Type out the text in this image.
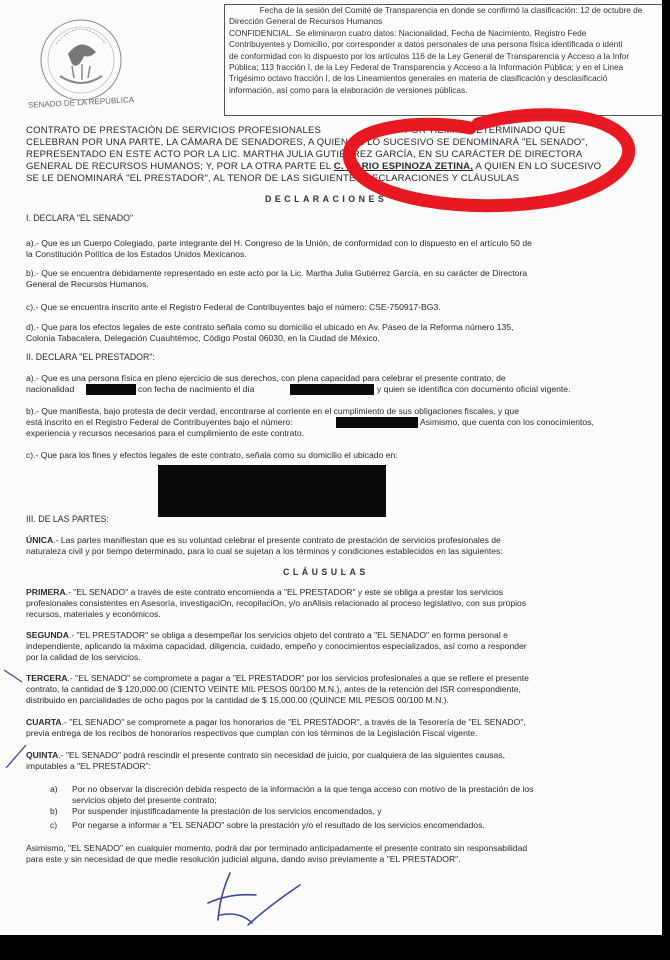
SENADO DE LA REPÚBLICA

Fecha de la sesión del Comité de Transparencia en donde se confirmó la clasificación: 12 de octubre de

Dirección General de Recursos Humanos

CONFIDENCIAL. Se eliminaron cuatro datos: Nacionalidad, Fecha de Nacimiento, Registro Fede

Contribuyentes y Domicilio, por corresponder a datos personales de una persona física identificada o identi

de conformidad con lo dispuesto por los artículos 116 de la Ley General de Transparencia y Acceso a la Infor

Pública; 113 fracción I, de la Ley Federal de Transparencia y Acceso a la Información Pública; y en el Linea

Trigésimo octavo fracción I, de los Lineamientos generales en materia de clasificación y desclasificació

información, así como para la elaboración de versiones públicas.

CONTRATO DE PRESTACIÓN DE SERVICIOS PROFESIONALES	POR TIEMPO DETERMINADO QUE
CELEBRAN POR UNA PARTE, LA CÁMARA DE SENADORES, A QUIEN EN LO SUCESIVO SE DENOMINARÁ "EL SENADO",
REPRESENTADO EN ESTE ACTO POR LA LIC. MARTHA JULIA GUTIÉRREZ GARCÍA, EN SU CARÁCTER DE DIRECTORA
GENERAL DE RECURSOS HUMANOS; Y, POR LA OTRA PARTE EL C. MARIO ESPINOZA ZETINA, A QUIEN EN LO SUCESIVO
SE LE DENOMINARÁ "EL PRESTADOR", AL TENOR DE LAS SIGUIENTES DECLARACIONES Y CLÁUSULAS
DECLARACIONES
I. DECLARA "EL SENADO"
a).- Que es un Cuerpo Colegiado, parte integrante del H. Congreso de la Unión, de conformidad con lo dispuesto en el artículo 50 de
la Constitución Política de los Estados Unidos Mexicanos.
b).- Que se encuentra debidamente representado en este acto por la Lic. Martha Julia Gutiérrez García, en su carácter de Directora
General de Recursos Humanos.
c).- Que se encuentra inscrito ante el Registro Federal de Contribuyentes bajo el número: CSE-750917-BG3.
d).- Que para los efectos legales de este contrato señala como su domicilio el ubicado en Av. Paseo de la Reforma número 135,
Colonia Tabacalera, Delegación Cuauhtémoc, Código Postal 06030, en la Ciudad de México.
II. DECLARA "EL PRESTADOR":
a).- Que es una persona física en pleno ejercicio de sus derechos, con plena capacidad para celebrar el presente contrato, de
nacionalidad	con fecha de nacimiento el día	y quien se identifica con documento oficial vigente.
b).- Que manifiesta, bajo protesta de decir verdad, encontrarse al corriente en el cumplimiento de sus obligaciones fiscales, y que
está inscrito en el Registro Federal de Contribuyentes bajo el número:	Asimismo, que cuenta con los conocimientos,
experiencia y recursos necesarios para el cumplimiento de este contrato.
c).- Que para los fines y efectos legales de este contrato, señala como su domicilio el ubicado en:
III. DE LAS PARTES:
ÚNICA.- Las partes manifiestan que es su voluntad celebrar el presente contrato de prestación de servicios profesionales de
naturaleza civil y por tiempo determinado, para lo cual se sujetan a los términos y condiciones establecidos en las siguientes:
CLÁUSULAS
PRIMERA.- "EL SENADO" a través de este contrato encomienda a "EL PRESTADOR" y este se obliga a prestar los servicios
profesionales consistentes en Asesoría, investigaciOn, recopilaciOn, y/o anAlisis relacionado al proceso legislativo, con sus propios
recursos, materiales y económicos.
SEGUNDA.- "EL PRESTADOR" se obliga a desempeñar los servicios objeto del contrato a "EL SENADO" en forma personal e
independiente, aplicando la máxima capacidad, diligencia, cuidado, empeño y conocimientos especializados, así como a responder
por la calidad de los servicios.
TERCERA.- "EL SENADO" se compromete a pagar a "EL PRESTADOR" por los servicios profesionales a que se refiere el presente
contrato, la cantidad de $ 120,000.00 (CIENTO VEINTE MIL PESOS 00/100 M.N.), antes de la retención del ISR correspondiente,
distribuido en parcialidades de ocho pagos por la cantidad de $ 15,000.00 (QUINCE MIL PESOS 00/100 M.N.).
CUARTA.- "EL SENADO" se compromete a pagar los honorarios de "EL PRESTADOR", a través de la Tesorería de "EL SENADO",
previa entrega de los recibos de honorarios respectivos que cumplan con los términos de la Legislación Fiscal vigente.
QUINTA.- "EL SENADO" podrá rescindir el presente contrato sin necesidad de juicio, por cualquiera de las siguientes causas,
imputables a "EL PRESTADOR":
a) Por no observar la discreción debida respecto de la información a la que tenga acceso con motivo de la prestación de los
servicios objeto del presente contrato;
b) Por suspender injustificadamente la prestación de los servicios encomendados, y
c) Por negarse a informar a "EL SENADO" sobre la prestación y/o el resultado de los servicios encomendados.
Asimismo, "EL SENADO" en cualquier momento, podrá dar por terminado anticipadamente el presente contrato sin responsabilidad
para este y sin necesidad de que medie resolución judicial alguna, dando aviso previamente a "EL PRESTADOR".
